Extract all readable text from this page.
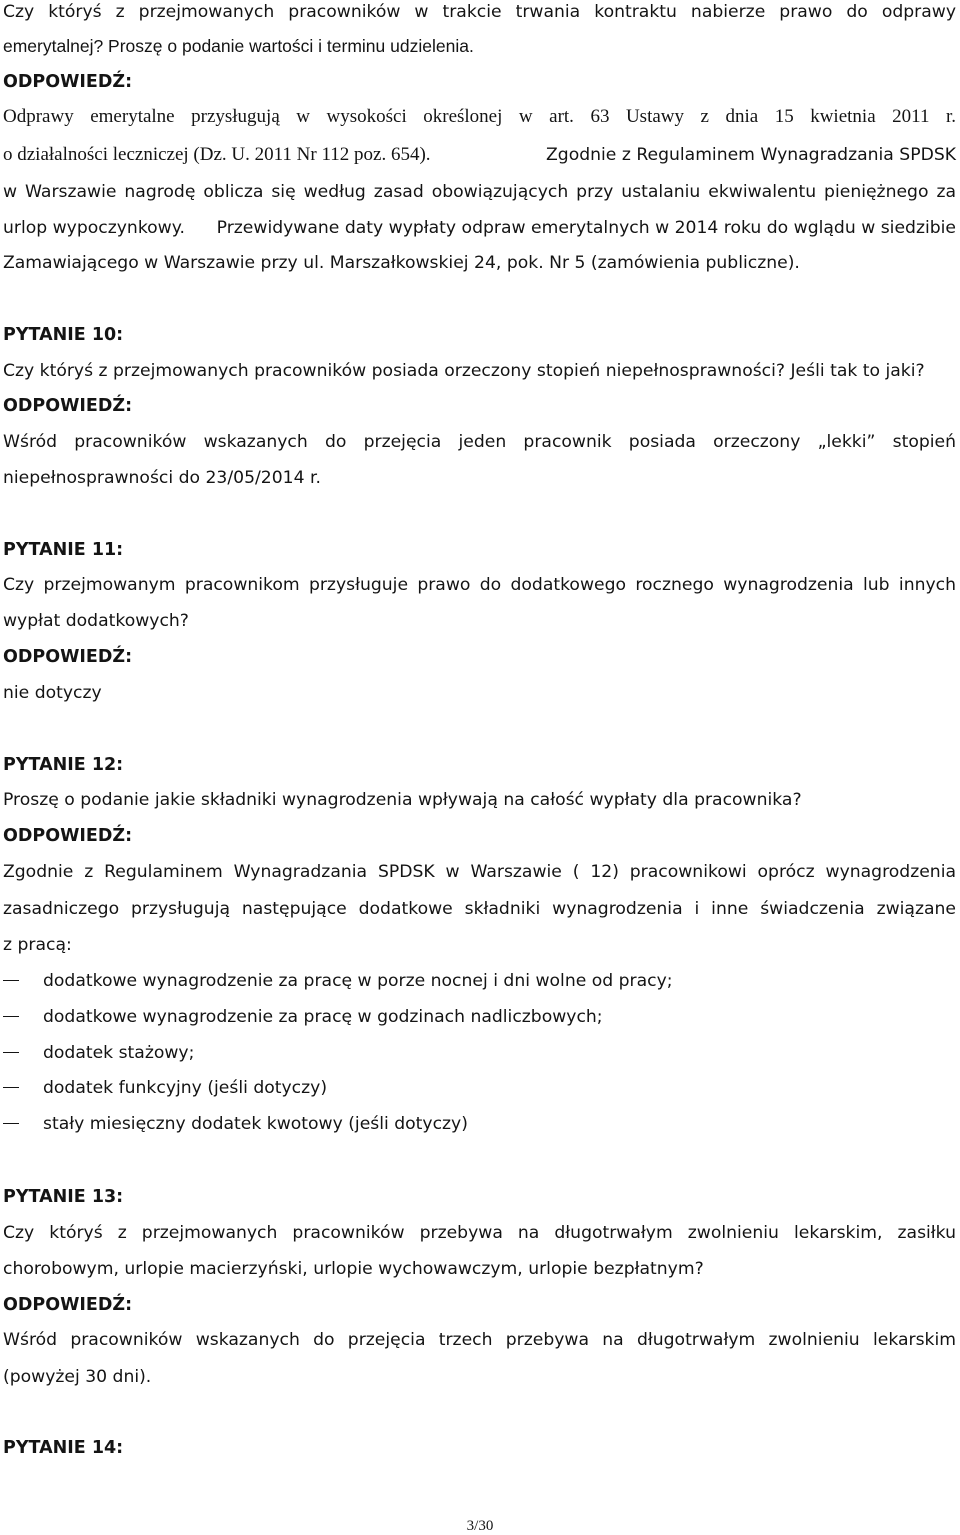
Czy któryś z przejmowanych pracowników w trakcie trwania kontraktu nabierze prawo do odprawy
emerytalnej? Proszę o podanie wartości i terminu udzielenia.
ODPOWIEDŹ:
Odprawy emerytalne przysługują w wysokości określonej w art. 63 Ustawy z dnia 15 kwietnia 2011 r.
o działalności leczniczej (Dz. U. 2011 Nr 112 poz. 654).	Zgodnie z Regulaminem Wynagradzania SPDSK
w Warszawie nagrodę oblicza się według zasad obowiązujących przy ustalaniu ekwiwalentu pieniężnego za
urlop wypoczynkowy. Przewidywane daty wypłaty odpraw emerytalnych w 2014 roku do wglądu w siedzibie
Zamawiającego w Warszawie przy ul. Marszałkowskiej 24, pok. Nr 5 (zamówienia publiczne).
PYTANIE 10:
Czy któryś z przejmowanych pracowników posiada orzeczony stopień niepełnosprawności? Jeśli tak to jaki?
ODPOWIEDŹ:
Wśród pracowników wskazanych do przejęcia jeden pracownik posiada orzeczony „lekki” stopień
niepełnosprawności do 23/05/2014 r.
PYTANIE 11:
Czy przejmowanym pracownikom przysługuje prawo do dodatkowego rocznego wynagrodzenia lub innych
wypłat dodatkowych?
ODPOWIEDŹ:
nie dotyczy
PYTANIE 12:
Proszę o podanie jakie składniki wynagrodzenia wpływają na całość wypłaty dla pracownika?
ODPOWIEDŹ:
Zgodnie z Regulaminem Wynagradzania SPDSK w Warszawie ( 12) pracownikowi oprócz wynagrodzenia
zasadniczego przysługują następujące dodatkowe składniki wynagrodzenia i inne świadczenia związane
z pracą:
dodatkowe wynagrodzenie za pracę w porze nocnej i dni wolne od pracy;
dodatkowe wynagrodzenie za pracę w godzinach nadliczbowych;
dodatek stażowy;
dodatek funkcyjny (jeśli dotyczy)
stały miesięczny dodatek kwotowy (jeśli dotyczy)
PYTANIE 13:
Czy któryś z przejmowanych pracowników przebywa na długotrwałym zwolnieniu lekarskim, zasiłku
chorobowym, urlopie macierzyński, urlopie wychowawczym, urlopie bezpłatnym?
ODPOWIEDŹ:
Wśród pracowników wskazanych do przejęcia trzech przebywa na długotrwałym zwolnieniu lekarskim
(powyżej 30 dni).
PYTANIE 14:
3/30
